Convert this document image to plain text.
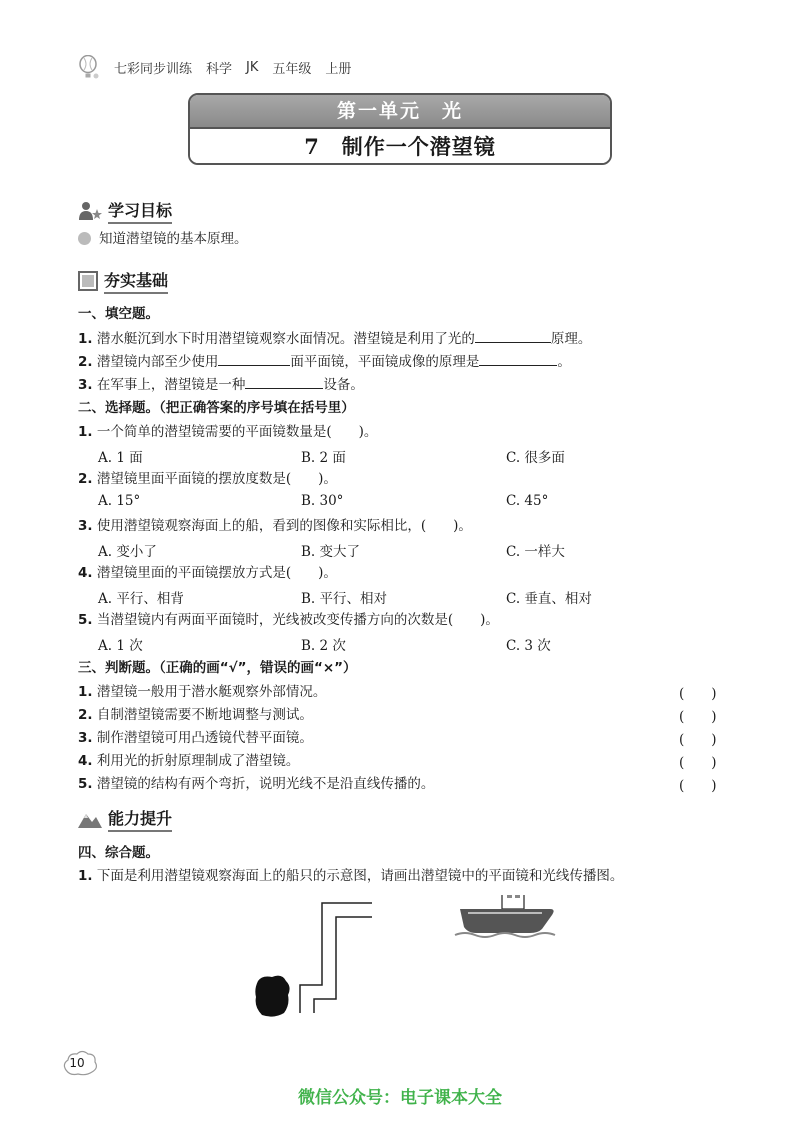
七彩同步训练 科学 JK 五年级 上册
第一单元　光
7　制作一个潜望镜
学习目标
知道潜望镜的基本原理。
夯实基础
一、填空题。
1. 潜水艇沉到水下时用潜望镜观察水面情况。潜望镜是利用了光的	原理。
2. 潜望镜内部至少使用	面平面镜，平面镜成像的原理是	。
3. 在军事上，潜望镜是一种	设备。
二、选择题。（把正确答案的序号填在括号里）
1. 一个简单的潜望镜需要的平面镜数量是(　　)。
A. 1 面	B. 2 面	C. 很多面
2. 潜望镜里面平面镜的摆放度数是(　　)。
A. 15°	B. 30°	C. 45°
3. 使用潜望镜观察海面上的船，看到的图像和实际相比，(　　)。
A. 变小了	B. 变大了	C. 一样大
4. 潜望镜里面的平面镜摆放方式是(　　)。
A. 平行、相背	B. 平行、相对	C. 垂直、相对
5. 当潜望镜内有两面平面镜时，光线被改变传播方向的次数是(　　)。
A. 1 次	B. 2 次	C. 3 次
三、判断题。（正确的画“√”，错误的画“×”）
1. 潜望镜一般用于潜水艇观察外部情况。	(　　)
2. 自制潜望镜需要不断地调整与测试。	(　　)
3. 制作潜望镜可用凸透镜代替平面镜。	(　　)
4. 利用光的折射原理制成了潜望镜。	(　　)
5. 潜望镜的结构有两个弯折，说明光线不是沿直线传播的。	(　　)
能力提升
四、综合题。
1. 下面是利用潜望镜观察海面上的船只的示意图，请画出潜望镜中的平面镜和光线传播图。
10
微信公众号：电子课本大全
